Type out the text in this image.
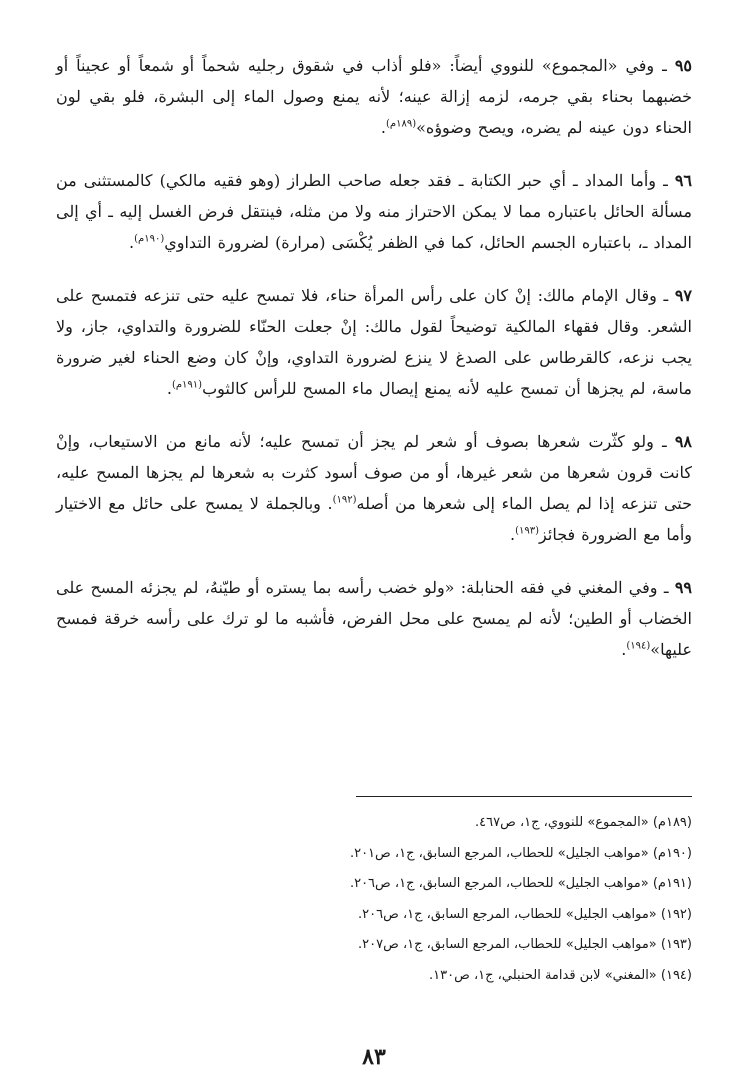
٩٥ ـ وفي «المجموع» للنووي أيضاً: «فلو أذاب في شقوق رجليه شحماً أو شمعاً أو عجيناً أو خضبهما بحناء بقي جرمه، لزمه إزالة عينه؛ لأنه يمنع وصول الماء إلى البشرة، فلو بقي لون الحناء دون عينه لم يضره، ويصح وضوؤه»$^{(١٨٩م)}$.

٩٦ ـ وأما المداد ـ أي حبر الكتابة ـ فقد جعله صاحب الطراز (وهو فقيه مالكي) كالمستثنى من مسألة الحائل باعتباره مما لا يمكن الاحتراز منه ولا من مثله، فينتقل فرض الغسل إليه ـ أي إلى المداد ـ، باعتباره الجسم الحائل، كما في الظفر يُكْسَى (مرارة) لضرورة التداوي$^{(١٩٠م)}$.

٩٧ ـ وقال الإمام مالك: إنْ كان على رأس المرأة حناء، فلا تمسح عليه حتى تنزعه فتمسح على الشعر. وقال فقهاء المالكية توضيحاً لقول مالك: إنْ جعلت الحنّاء للضرورة والتداوي، جاز، ولا يجب نزعه، كالقرطاس على الصدغ لا ينزع لضرورة التداوي، وإنْ كان وضع الحناء لغير ضرورة ماسة، لم يجزها أن تمسح عليه لأنه يمنع إيصال ماء المسح للرأس كالثوب$^{(١٩١م)}$.

٩٨ ـ ولو كثّرت شعرها بصوف أو شعر لم يجز أن تمسح عليه؛ لأنه مانع من الاستيعاب، وإنْ كانت قرون شعرها من شعر غيرها، أو من صوف أسود كثرت به شعرها لم يجزها المسح عليه، حتى تنزعه إذا لم يصل الماء إلى شعرها من أصله$^{(١٩٢)}$. وبالجملة لا يمسح على حائل مع الاختيار وأما مع الضرورة فجائز$^{(١٩٣)}$.

٩٩ ـ وفي المغني في فقه الحنابلة: «ولو خضب رأسه بما يستره أو طيّنهُ، لم يجزئه المسح على الخضاب أو الطين؛ لأنه لم يمسح على محل الفرض، فأشبه ما لو ترك على رأسه خرقة فمسح عليها»$^{(١٩٤)}$.

(١٨٩م) «المجموع» للنووي، ج١، ص٤٦٧.
(١٩٠م) «مواهب الجليل» للحطاب، المرجع السابق، ج١، ص٢٠١.
(١٩١م) «مواهب الجليل» للحطاب، المرجع السابق، ج١، ص٢٠٦.
(١٩٢) «مواهب الجليل» للحطاب، المرجع السابق، ج١، ص٢٠٦.
(١٩٣) «مواهب الجليل» للحطاب، المرجع السابق، ج١، ص٢٠٧.
(١٩٤) «المغني» لابن قدامة الحنبلي، ج١، ص١٣٠.
٨٣
